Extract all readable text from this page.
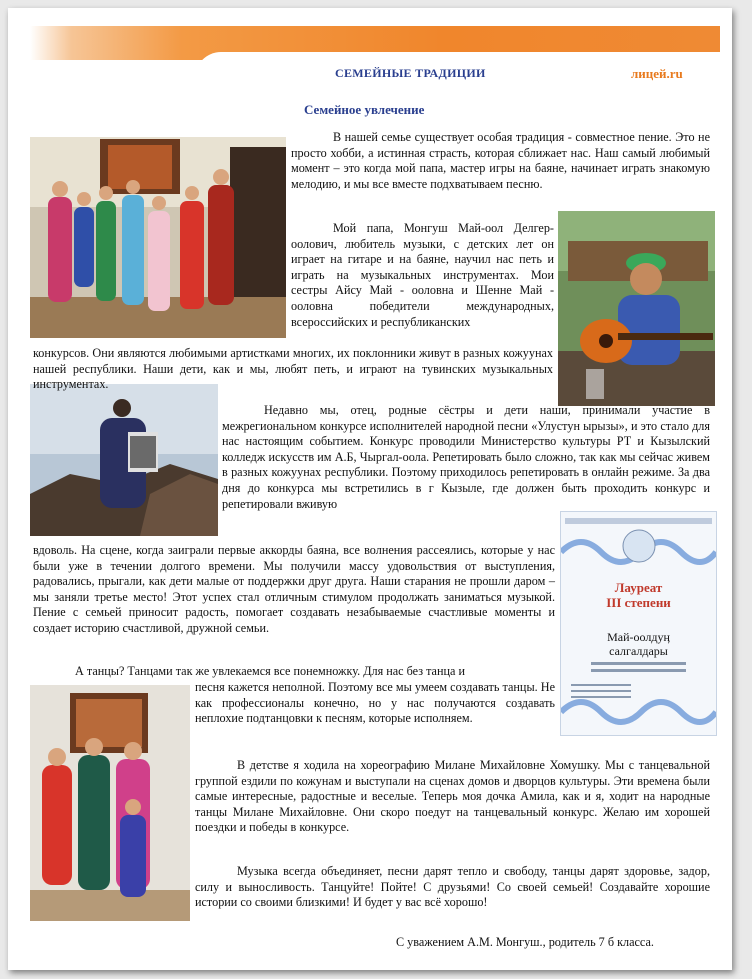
СЕМЕЙНЫЕ ТРАДИЦИИ	лицей.ru
Семейное увлечение
Лауреат
III степени
Май-оолдуӊ
салгалдары

В нашей семье существует особая традиция - совместное пение. Это не просто хобби, а истинная страсть, которая сближает нас. Наш самый любимый момент – это когда мой папа, мастер игры на баяне, начинает играть знакомую мелодию, и мы все вместе подхватываем песню.

Мой папа, Монгуш Май-оол Делгер-оолович, любитель музыки, с детских лет он играет на гитаре и на баяне, научил нас петь и играть на музыкальных инструментах. Мои сестры Айсу Май - ооловна и Шенне Май - ооловна победители международных, всероссийских и республиканских

конкурсов. Они являются любимыми артистками многих, их поклонники живут в разных кожуунах нашей республики. Наши дети, как и мы, любят петь, и играют на тувинских музыкальных инструментах.

Недавно мы, отец, родные сёстры и дети наши, принимали участие в межрегиональном конкурсе исполнителей народной песни «Улустун ырызы», и это стало для нас настоящим событием. Конкурс проводили Министерство культуры РТ и Кызылский колледж искусств им А.Б, Чыргал-оола. Репетировать было сложно, так как мы сейчас живем в разных кожуунах республики. Поэтому приходилось репетировать в онлайн режиме. За два дня до конкурса мы встретились в г Кызыле, где должен быть проходить конкурс и репетировали вживую

вдоволь. На сцене, когда заиграли первые аккорды баяна, все волнения рассеялись, которые у нас были уже в течении долгого времени. Мы получили массу удовольствия от выступления, радовались, прыгали, как дети малые от поддержки друг друга. Наши старания не прошли даром – мы заняли третье место! Этот успех стал отличным стимулом продолжать заниматься музыкой. Пение с семьей приносит радость, помогает создавать незабываемые счастливые моменты и создает историю счастливой, дружной семьи.

А танцы? Танцами так же увлекаемся все понемножку. Для нас без танца и

песня кажется неполной. Поэтому все мы умеем создавать танцы. Не как профессионалы конечно, но у нас получаются создавать неплохие подтанцовки к песням, которые исполняем.

В детстве я ходила на хореографию Милане Михайловне Хомушку. Мы с танцевальной группой ездили по кожунам и выступали на сценах домов и дворцов культуры. Эти времена были самые интересные, радостные и веселые. Теперь моя дочка Амила, как и я, ходит на народные танцы Милане Михайловне. Они скоро поедут на танцевальный конкурс. Желаю им хорошей поездки и победы в конкурсе.

Музыка всегда объединяет, песни дарят тепло и свободу, танцы дарят здоровье, задор, силу и выносливость. Танцуйте! Пойте! С друзьями! Со своей семьей! Создавайте хорошие истории со своими близкими! И будет у вас всё хорошо!

С уважением А.М. Монгуш., родитель 7 б класса.
